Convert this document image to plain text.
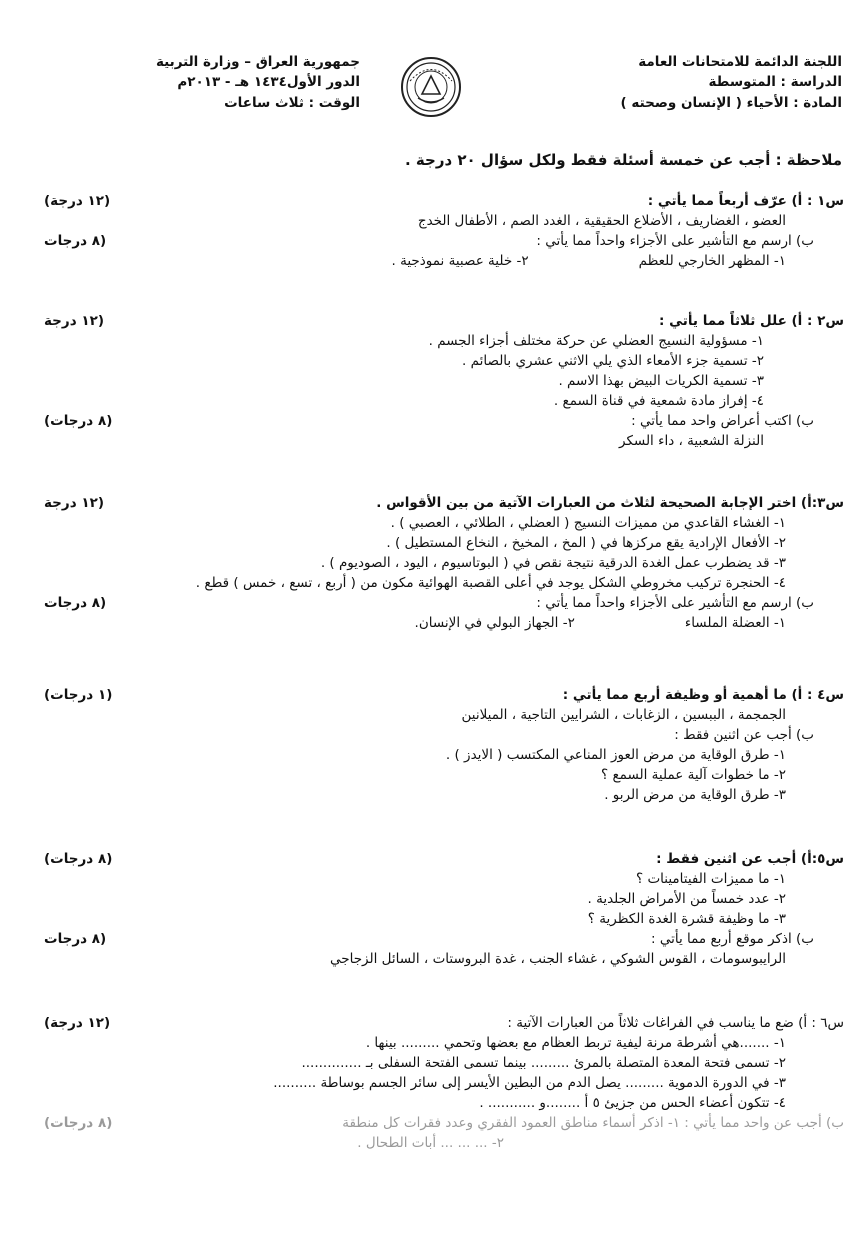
اللجنة الدائمة للامتحانات العامة
الدراسة : المتوسطة
المادة : الأحياء ( الإنسان وصحته )
جمهورية العراق – وزارة التربية
الدور الأول١٤٣٤ هـ - ٢٠١٣م
الوقت : ثلاث ساعات
ملاحظة : أجب عن خمسة أسئلة فقط ولكل سؤال ٢٠ درجة .
س١ : أ) عرّف أربعاً مما يأتي :
(١٢ درجة)
العضو ، الغضاريف ، الأضلاع الحقيقية ، الغدد الصم ، الأطفال الخدج
ب) ارسم مع التأشير على الأجزاء واحداً مما يأتي :
(٨ درجات
١- المظهر الخارجي للعظم٢- خلية عصبية نموذجية .
س٢ : أ) علل ثلاثاً مما يأتي :
(١٢ درجة
١- مسؤولية النسيج العضلي عن حركة مختلف أجزاء الجسم .
٢- تسمية جزء الأمعاء الذي يلي الاثني عشري بالصائم .
٣- تسمية الكريات البيض بهذا الاسم .
٤- إفراز مادة شمعية في قناة السمع .
ب) اكتب أعراض واحد مما يأتي :
(٨ درجات)
النزلة الشعبية ، داء السكر
س٣:أ) اختر الإجابة الصحيحة لثلاث من العبارات الآتية من بين الأقواس .
(١٢ درجة
١- الغشاء القاعدي من مميزات النسيج ( العضلي ، الطلائي ، العصبي ) .
٢- الأفعال الإرادية يقع مركزها في ( المخ ، المخيخ ، النخاع المستطيل ) .
٣- قد يضطرب عمل الغدة الدرقية نتيجة نقص في ( البوتاسيوم ، اليود ، الصوديوم ) .
٤- الحنجرة تركيب مخروطي الشكل يوجد في أعلى القصبة الهوائية مكون من ( أربع ، تسع ، خمس ) قطع .
ب) ارسم مع التأشير على الأجزاء واحداً مما يأتي :
(٨ درجات
١- العضلة الملساء٢- الجهاز البولي في الإنسان.
س٤ : أ) ما أهمية أو وظيفة أربع مما يأتي :
(١ درجات)
الجمجمة ، الببسين ، الزغابات ، الشرايين التاجية ، الميلانين
ب) أجب عن اثنين فقط :
١- طرق الوقاية من مرض العوز المناعي المكتسب ( الايدز ) .
٢- ما خطوات آلية عملية السمع ؟
٣- طرق الوقاية من مرض الربو .
س٥:أ) أجب عن اثنين فقط :
(٨ درجات)
١- ما مميزات الفيتامينات ؟
٢- عدد خمساً من الأمراض الجلدية .
٣- ما وظيفة قشرة الغدة الكظرية ؟
ب) اذكر موقع أربع مما يأتي :
(٨ درجات
الرايبوسومات ، القوس الشوكي ، غشاء الجنب ، غدة البروستات ، السائل الزجاجي
س٦ : أ) ضع ما يناسب في الفراغات ثلاثاً من العبارات الآتية :
(١٢ درجة)
١- .......هي أشرطة مرنة ليفية تربط العظام مع بعضها وتحمي ......... بينها .
٢- تسمى فتحة المعدة المتصلة بالمرئ ......... بينما تسمى الفتحة السفلى بـ ..............
٣- في الدورة الدموية ......... يصل الدم من البطين الأيسر إلى سائر الجسم بوساطة ..........
٤- تتكون أعضاء الحس من جزيئ ٥ أ ........و ........... .
ب) أجب عن واحد مما يأتي : ١- اذكر أسماء مناطق العمود الفقري وعدد فقرات كل منطقة
(٨ درجات)
٢- ... ... ... أبات الطحال .
